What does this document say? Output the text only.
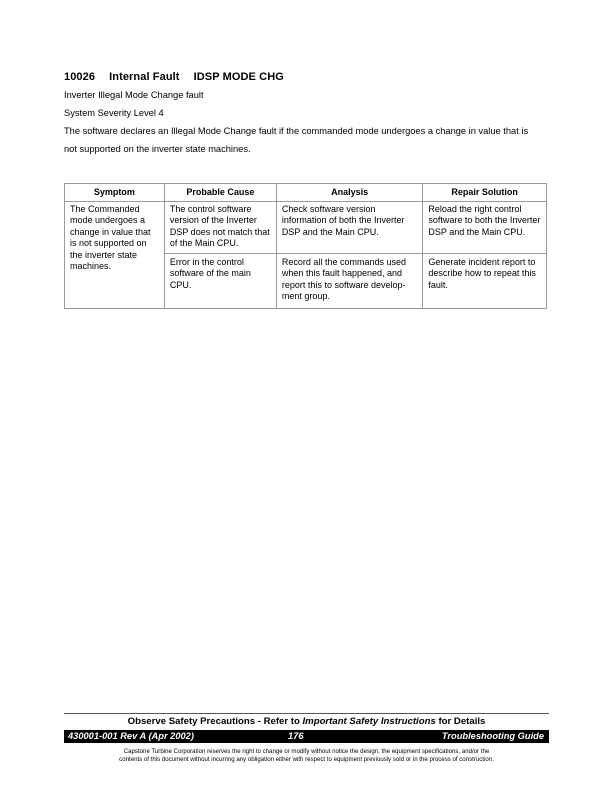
10026 Internal Fault IDSP MODE CHG
Inverter Illegal Mode Change fault
System Severity Level 4
The software declares an Illegal Mode Change fault if the commanded mode undergoes a change in value that is
not supported on the inverter state machines.
Symptom	Probable Cause	Analysis	Repair Solution
The Commanded mode undergoes a change in value that is not supported on the inverter state machines.	The control software version of the Inverter DSP does not match that of the Main CPU.	Check software version information of both the Inverter DSP and the Main CPU.	Reload the right control software to both the Inverter DSP and the Main CPU.
	Error in the control software of the main CPU.	Record all the commands used when this fault happened, and report this to software develop-ment group.	Generate incident report to describe how to repeat this fault.
Observe Safety Precautions - Refer to Important Safety Instructions for Details
430001-001 Rev A (Apr 2002)	176	Troubleshooting Guide
Capstone Turbine Corporation reserves the right to change or modify without notice the design, the equipment specifications, and/or the
contents of this document without incurring any obligation either with respect to equipment previously sold or in the process of construction.
